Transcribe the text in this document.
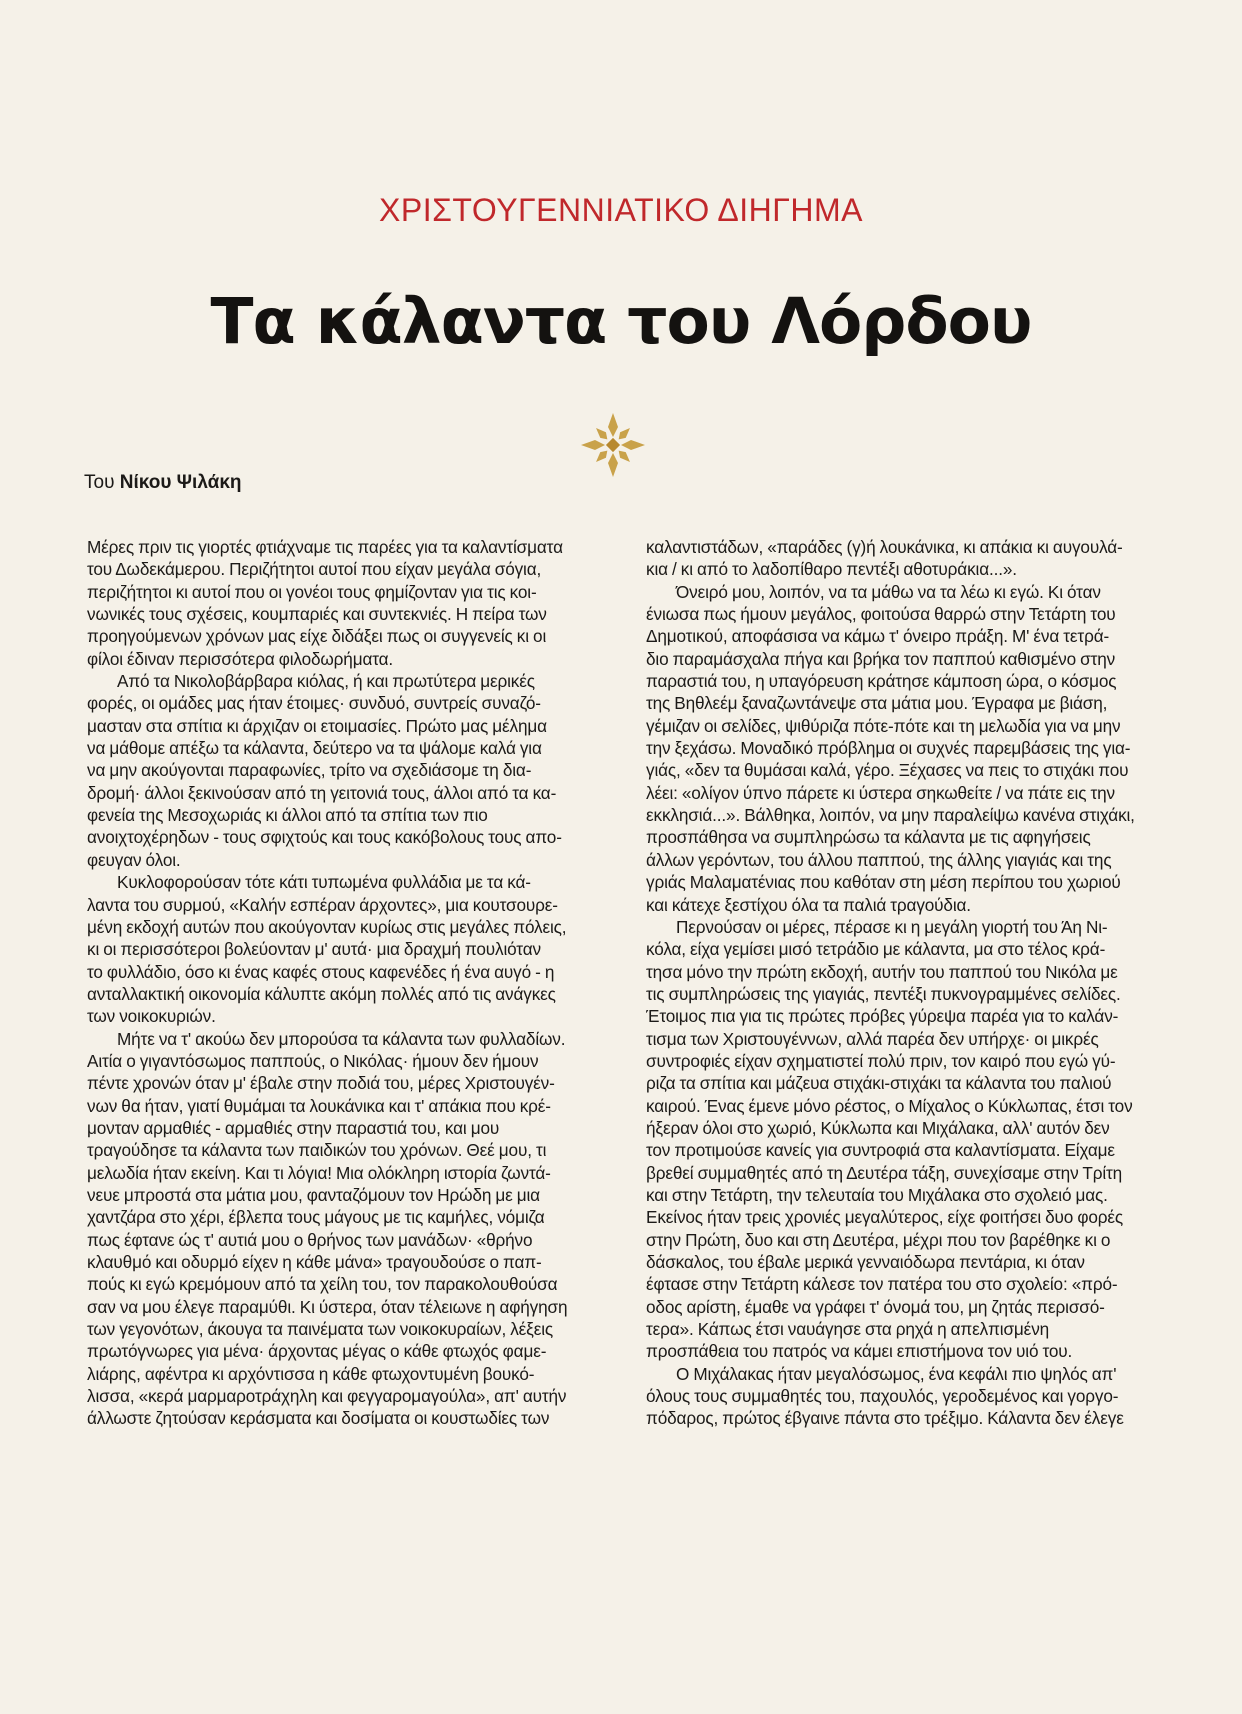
ΧΡΙΣΤΟΥΓΕΝΝΙΑΤΙΚΟ ΔΙΗΓΗΜΑ
Τα κάλαντα του Λόρδου
Του Νίκου Ψιλάκη
Μέρες πριν τις γιορτές φτιάχναμε τις παρέες για τα καλαντίσματα
του Δωδεκάμερου. Περιζήτητοι αυτοί που είχαν μεγάλα σόγια,
περιζήτητοι κι αυτοί που οι γονέοι τους φημίζονταν για τις κοι-
νωνικές τους σχέσεις, κουμπαριές και συντεκνιές. Η πείρα των
προηγούμενων χρόνων μας είχε διδάξει πως οι συγγενείς κι οι
φίλοι έδιναν περισσότερα φιλοδωρήματα.
Από τα Νικολοβάρβαρα κιόλας, ή και πρωτύτερα μερικές
φορές, οι ομάδες μας ήταν έτοιμες· συνδυό, συντρείς συναζό-
μασταν στα σπίτια κι άρχιζαν οι ετοιμασίες. Πρώτο μας μέλημα
να μάθομε απέξω τα κάλαντα, δεύτερο να τα ψάλομε καλά για
να μην ακούγονται παραφωνίες, τρίτο να σχεδιάσομε τη δια-
δρομή· άλλοι ξεκινούσαν από τη γειτονιά τους, άλλοι από τα κα-
φενεία της Μεσοχωριάς κι άλλοι από τα σπίτια των πιο
ανοιχτοχέρηδων - τους σφιχτούς και τους κακόβολους τους απο-
φευγαν όλοι.
Κυκλοφορούσαν τότε κάτι τυπωμένα φυλλάδια με τα κά-
λαντα του συρμού, «Καλήν εσπέραν άρχοντες», μια κουτσουρε-
μένη εκδοχή αυτών που ακούγονταν κυρίως στις μεγάλες πόλεις,
κι οι περισσότεροι βολεύονταν μ' αυτά· μια δραχμή πουλιόταν
το φυλλάδιο, όσο κι ένας καφές στους καφενέδες ή ένα αυγό - η
ανταλλακτική οικονομία κάλυπτε ακόμη πολλές από τις ανάγκες
των νοικοκυριών.
Μήτε να τ' ακούω δεν μπορούσα τα κάλαντα των φυλλαδίων.
Αιτία ο γιγαντόσωμος παππούς, ο Νικόλας· ήμουν δεν ήμουν
πέντε χρονών όταν μ' έβαλε στην ποδιά του, μέρες Χριστουγέν-
νων θα ήταν, γιατί θυμάμαι τα λουκάνικα και τ' απάκια που κρέ-
μονταν αρμαθιές - αρμαθιές στην παραστιά του, και μου
τραγούδησε τα κάλαντα των παιδικών του χρόνων. Θεέ μου, τι
μελωδία ήταν εκείνη. Και τι λόγια! Μια ολόκληρη ιστορία ζωντά-
νευε μπροστά στα μάτια μου, φανταζόμουν τον Ηρώδη με μια
χαντζάρα στο χέρι, έβλεπα τους μάγους με τις καμήλες, νόμιζα
πως έφτανε ώς τ' αυτιά μου ο θρήνος των μανάδων· «θρήνο
κλαυθμό και οδυρμό είχεν η κάθε μάνα» τραγουδούσε ο παπ-
πούς κι εγώ κρεμόμουν από τα χείλη του, τον παρακολουθούσα
σαν να μου έλεγε παραμύθι. Κι ύστερα, όταν τέλειωνε η αφήγηση
των γεγονότων, άκουγα τα παινέματα των νοικοκυραίων, λέξεις
πρωτόγνωρες για μένα· άρχοντας μέγας ο κάθε φτωχός φαμε-
λιάρης, αφέντρα κι αρχόντισσα η κάθε φτωχοντυμένη βουκό-
λισσα, «κερά μαρμαροτράχηλη και φεγγαρομαγούλα», απ' αυτήν
άλλωστε ζητούσαν κεράσματα και δοσίματα οι κουστωδίες των
καλαντιστάδων, «παράδες (γ)ή λουκάνικα, κι απάκια κι αυγουλά-
κια / κι από το λαδοπίθαρο πεντέξι αθοτυράκια...».
Όνειρό μου, λοιπόν, να τα μάθω να τα λέω κι εγώ. Κι όταν
ένιωσα πως ήμουν μεγάλος, φοιτούσα θαρρώ στην Τετάρτη του
Δημοτικού, αποφάσισα να κάμω τ' όνειρο πράξη. Μ' ένα τετρά-
διο παραμάσχαλα πήγα και βρήκα τον παππού καθισμένο στην
παραστιά του, η υπαγόρευση κράτησε κάμποση ώρα, ο κόσμος
της Βηθλεέμ ξαναζωντάνεψε στα μάτια μου. Έγραφα με βιάση,
γέμιζαν οι σελίδες, ψιθύριζα πότε-πότε και τη μελωδία για να μην
την ξεχάσω. Μοναδικό πρόβλημα οι συχνές παρεμβάσεις της για-
γιάς, «δεν τα θυμάσαι καλά, γέρο. Ξέχασες να πεις το στιχάκι που
λέει: «ολίγον ύπνο πάρετε κι ύστερα σηκωθείτε / να πάτε εις την
εκκλησιά...». Βάλθηκα, λοιπόν, να μην παραλείψω κανένα στιχάκι,
προσπάθησα να συμπληρώσω τα κάλαντα με τις αφηγήσεις
άλλων γερόντων, του άλλου παππού, της άλλης γιαγιάς και της
γριάς Μαλαματένιας που καθόταν στη μέση περίπου του χωριού
και κάτεχε ξεστίχου όλα τα παλιά τραγούδια.
Περνούσαν οι μέρες, πέρασε κι η μεγάλη γιορτή του Άη Νι-
κόλα, είχα γεμίσει μισό τετράδιο με κάλαντα, μα στο τέλος κρά-
τησα μόνο την πρώτη εκδοχή, αυτήν του παππού του Νικόλα με
τις συμπληρώσεις της γιαγιάς, πεντέξι πυκνογραμμένες σελίδες.
Έτοιμος πια για τις πρώτες πρόβες γύρεψα παρέα για το καλάν-
τισμα των Χριστουγέννων, αλλά παρέα δεν υπήρχε· οι μικρές
συντροφιές είχαν σχηματιστεί πολύ πριν, τον καιρό που εγώ γύ-
ριζα τα σπίτια και μάζευα στιχάκι-στιχάκι τα κάλαντα του παλιού
καιρού. Ένας έμενε μόνο ρέστος, ο Μίχαλος ο Κύκλωπας, έτσι τον
ήξεραν όλοι στο χωριό, Κύκλωπα και Μιχάλακα, αλλ' αυτόν δεν
τον προτιμούσε κανείς για συντροφιά στα καλαντίσματα. Είχαμε
βρεθεί συμμαθητές από τη Δευτέρα τάξη, συνεχίσαμε στην Τρίτη
και στην Τετάρτη, την τελευταία του Μιχάλακα στο σχολειό μας.
Εκείνος ήταν τρεις χρονιές μεγαλύτερος, είχε φοιτήσει δυο φορές
στην Πρώτη, δυο και στη Δευτέρα, μέχρι που τον βαρέθηκε κι ο
δάσκαλος, του έβαλε μερικά γενναιόδωρα πεντάρια, κι όταν
έφτασε στην Τετάρτη κάλεσε τον πατέρα του στο σχολείο: «πρό-
οδος αρίστη, έμαθε να γράφει τ' όνομά του, μη ζητάς περισσό-
τερα». Κάπως έτσι ναυάγησε στα ρηχά η απελπισμένη
προσπάθεια του πατρός να κάμει επιστήμονα τον υιό του.
Ο Μιχάλακας ήταν μεγαλόσωμος, ένα κεφάλι πιο ψηλός απ'
όλους τους συμμαθητές του, παχουλός, γεροδεμένος και γοργο-
πόδαρος, πρώτος έβγαινε πάντα στο τρέξιμο. Κάλαντα δεν έλεγε
